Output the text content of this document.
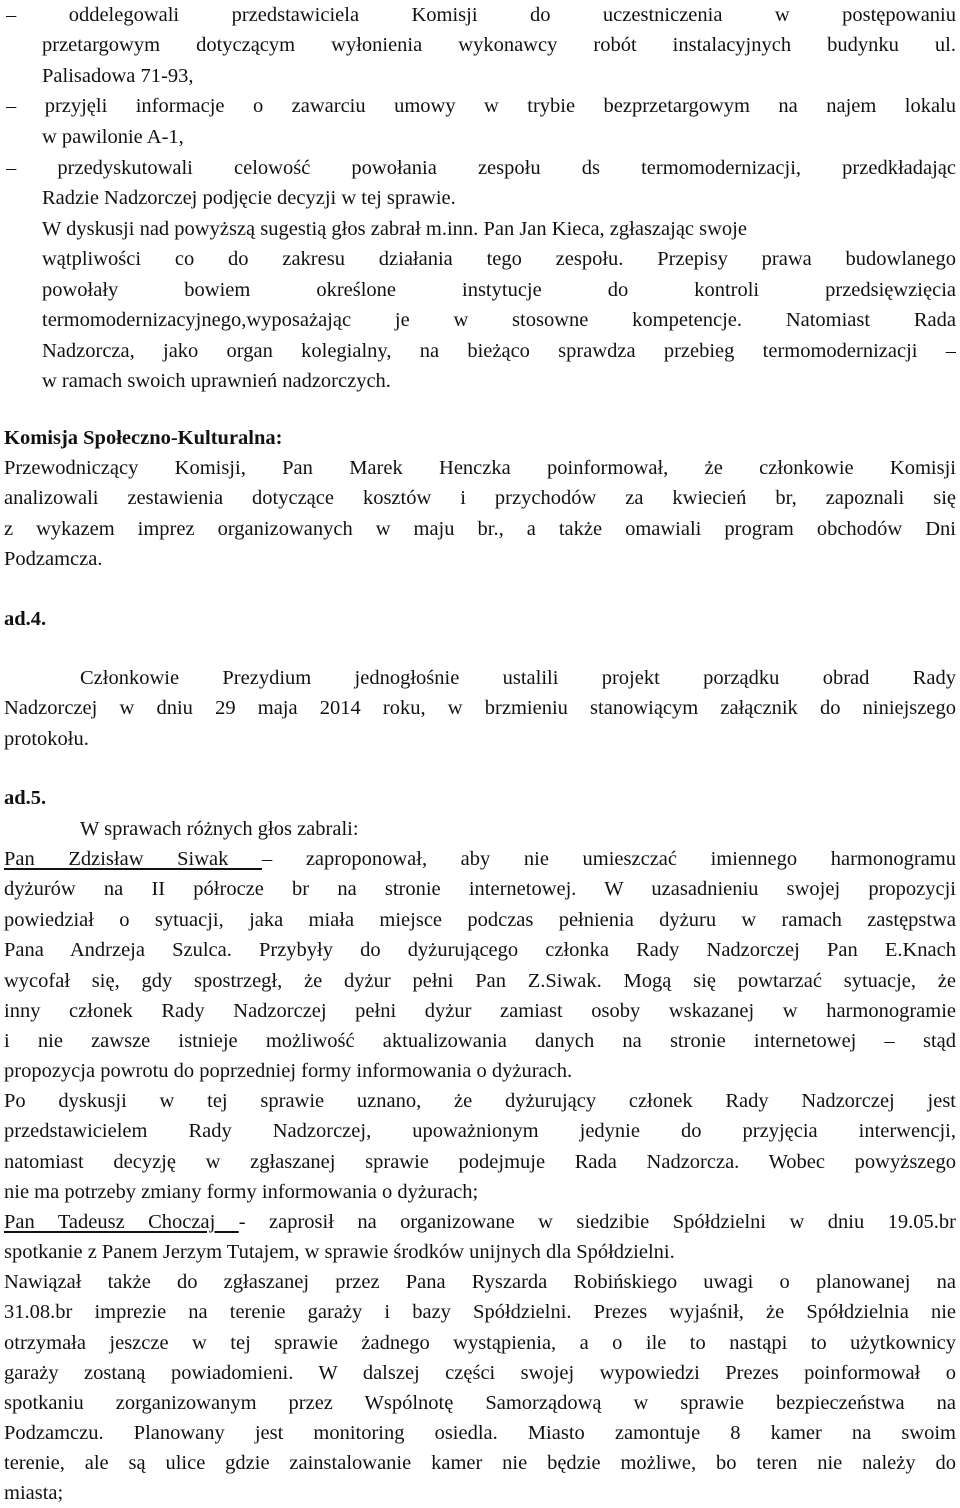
– oddelegowali przedstawiciela Komisji do uczestniczenia w postępowaniu
przetargowym dotyczącym wyłonienia wykonawcy robót instalacyjnych budynku ul.
Palisadowa 71-93,
– przyjęli informacje o zawarciu umowy w trybie bezprzetargowym na najem lokalu
w pawilonie A-1,
– przedyskutowali celowość powołania zespołu ds termomodernizacji, przedkładając
Radzie Nadzorczej podjęcie decyzji w tej sprawie.
W dyskusji nad powyższą sugestią głos zabrał m.inn. Pan Jan Kieca, zgłaszając swoje
wątpliwości co do zakresu działania tego zespołu. Przepisy prawa budowlanego
powołały bowiem określone instytucje do kontroli przedsięwzięcia
termomodernizacyjnego,wyposażając je w stosowne kompetencje. Natomiast Rada
Nadzorcza, jako organ kolegialny, na bieżąco sprawdza przebieg termomodernizacji –
w ramach swoich uprawnień nadzorczych.
Komisja Społeczno-Kulturalna:
Przewodniczący Komisji, Pan Marek Henczka poinformował, że członkowie Komisji
analizowali zestawienia dotyczące kosztów i przychodów za kwiecień br, zapoznali się
z wykazem imprez organizowanych w maju br., a także omawiali program obchodów Dni
Podzamcza.
ad.4.
Członkowie Prezydium jednogłośnie ustalili projekt porządku obrad Rady
Nadzorczej w dniu 29 maja 2014 roku, w brzmieniu stanowiącym załącznik do niniejszego
protokołu.
ad.5.
W sprawach różnych głos zabrali:
Pan Zdzisław Siwak – zaproponował, aby nie umieszczać imiennego harmonogramu
dyżurów na II półrocze br na stronie internetowej. W uzasadnieniu swojej propozycji
powiedział o sytuacji, jaka miała miejsce podczas pełnienia dyżuru w ramach zastępstwa
Pana Andrzeja Szulca. Przybyły do dyżurującego członka Rady Nadzorczej Pan E.Knach
wycofał się, gdy spostrzegł, że dyżur pełni Pan Z.Siwak. Mogą się powtarzać sytuacje, że
inny członek Rady Nadzorczej pełni dyżur zamiast osoby wskazanej w harmonogramie
i nie zawsze istnieje możliwość aktualizowania danych na stronie internetowej – stąd
propozycja powrotu do poprzedniej formy informowania o dyżurach.
Po dyskusji w tej sprawie uznano, że dyżurujący członek Rady Nadzorczej jest
przedstawicielem Rady Nadzorczej, upoważnionym jedynie do przyjęcia interwencji,
natomiast decyzję w zgłaszanej sprawie podejmuje Rada Nadzorcza. Wobec powyższego
nie ma potrzeby zmiany formy informowania o dyżurach;
Pan Tadeusz Choczaj - zaprosił na organizowane w siedzibie Spółdzielni w dniu 19.05.br
spotkanie z Panem Jerzym Tutajem, w sprawie środków unijnych dla Spółdzielni.
Nawiązał także do zgłaszanej przez Pana Ryszarda Robińskiego uwagi o planowanej na
31.08.br imprezie na terenie garaży i bazy Spółdzielni. Prezes wyjaśnił, że Spółdzielnia nie
otrzymała jeszcze w tej sprawie żadnego wystąpienia, a o ile to nastąpi to użytkownicy
garaży zostaną powiadomieni. W dalszej części swojej wypowiedzi Prezes poinformował o
spotkaniu zorganizowanym przez Wspólnotę Samorządową w sprawie bezpieczeństwa na
Podzamczu. Planowany jest monitoring osiedla. Miasto zamontuje 8 kamer na swoim
terenie, ale są ulice gdzie zainstalowanie kamer nie będzie możliwe, bo teren nie należy do
miasta;
